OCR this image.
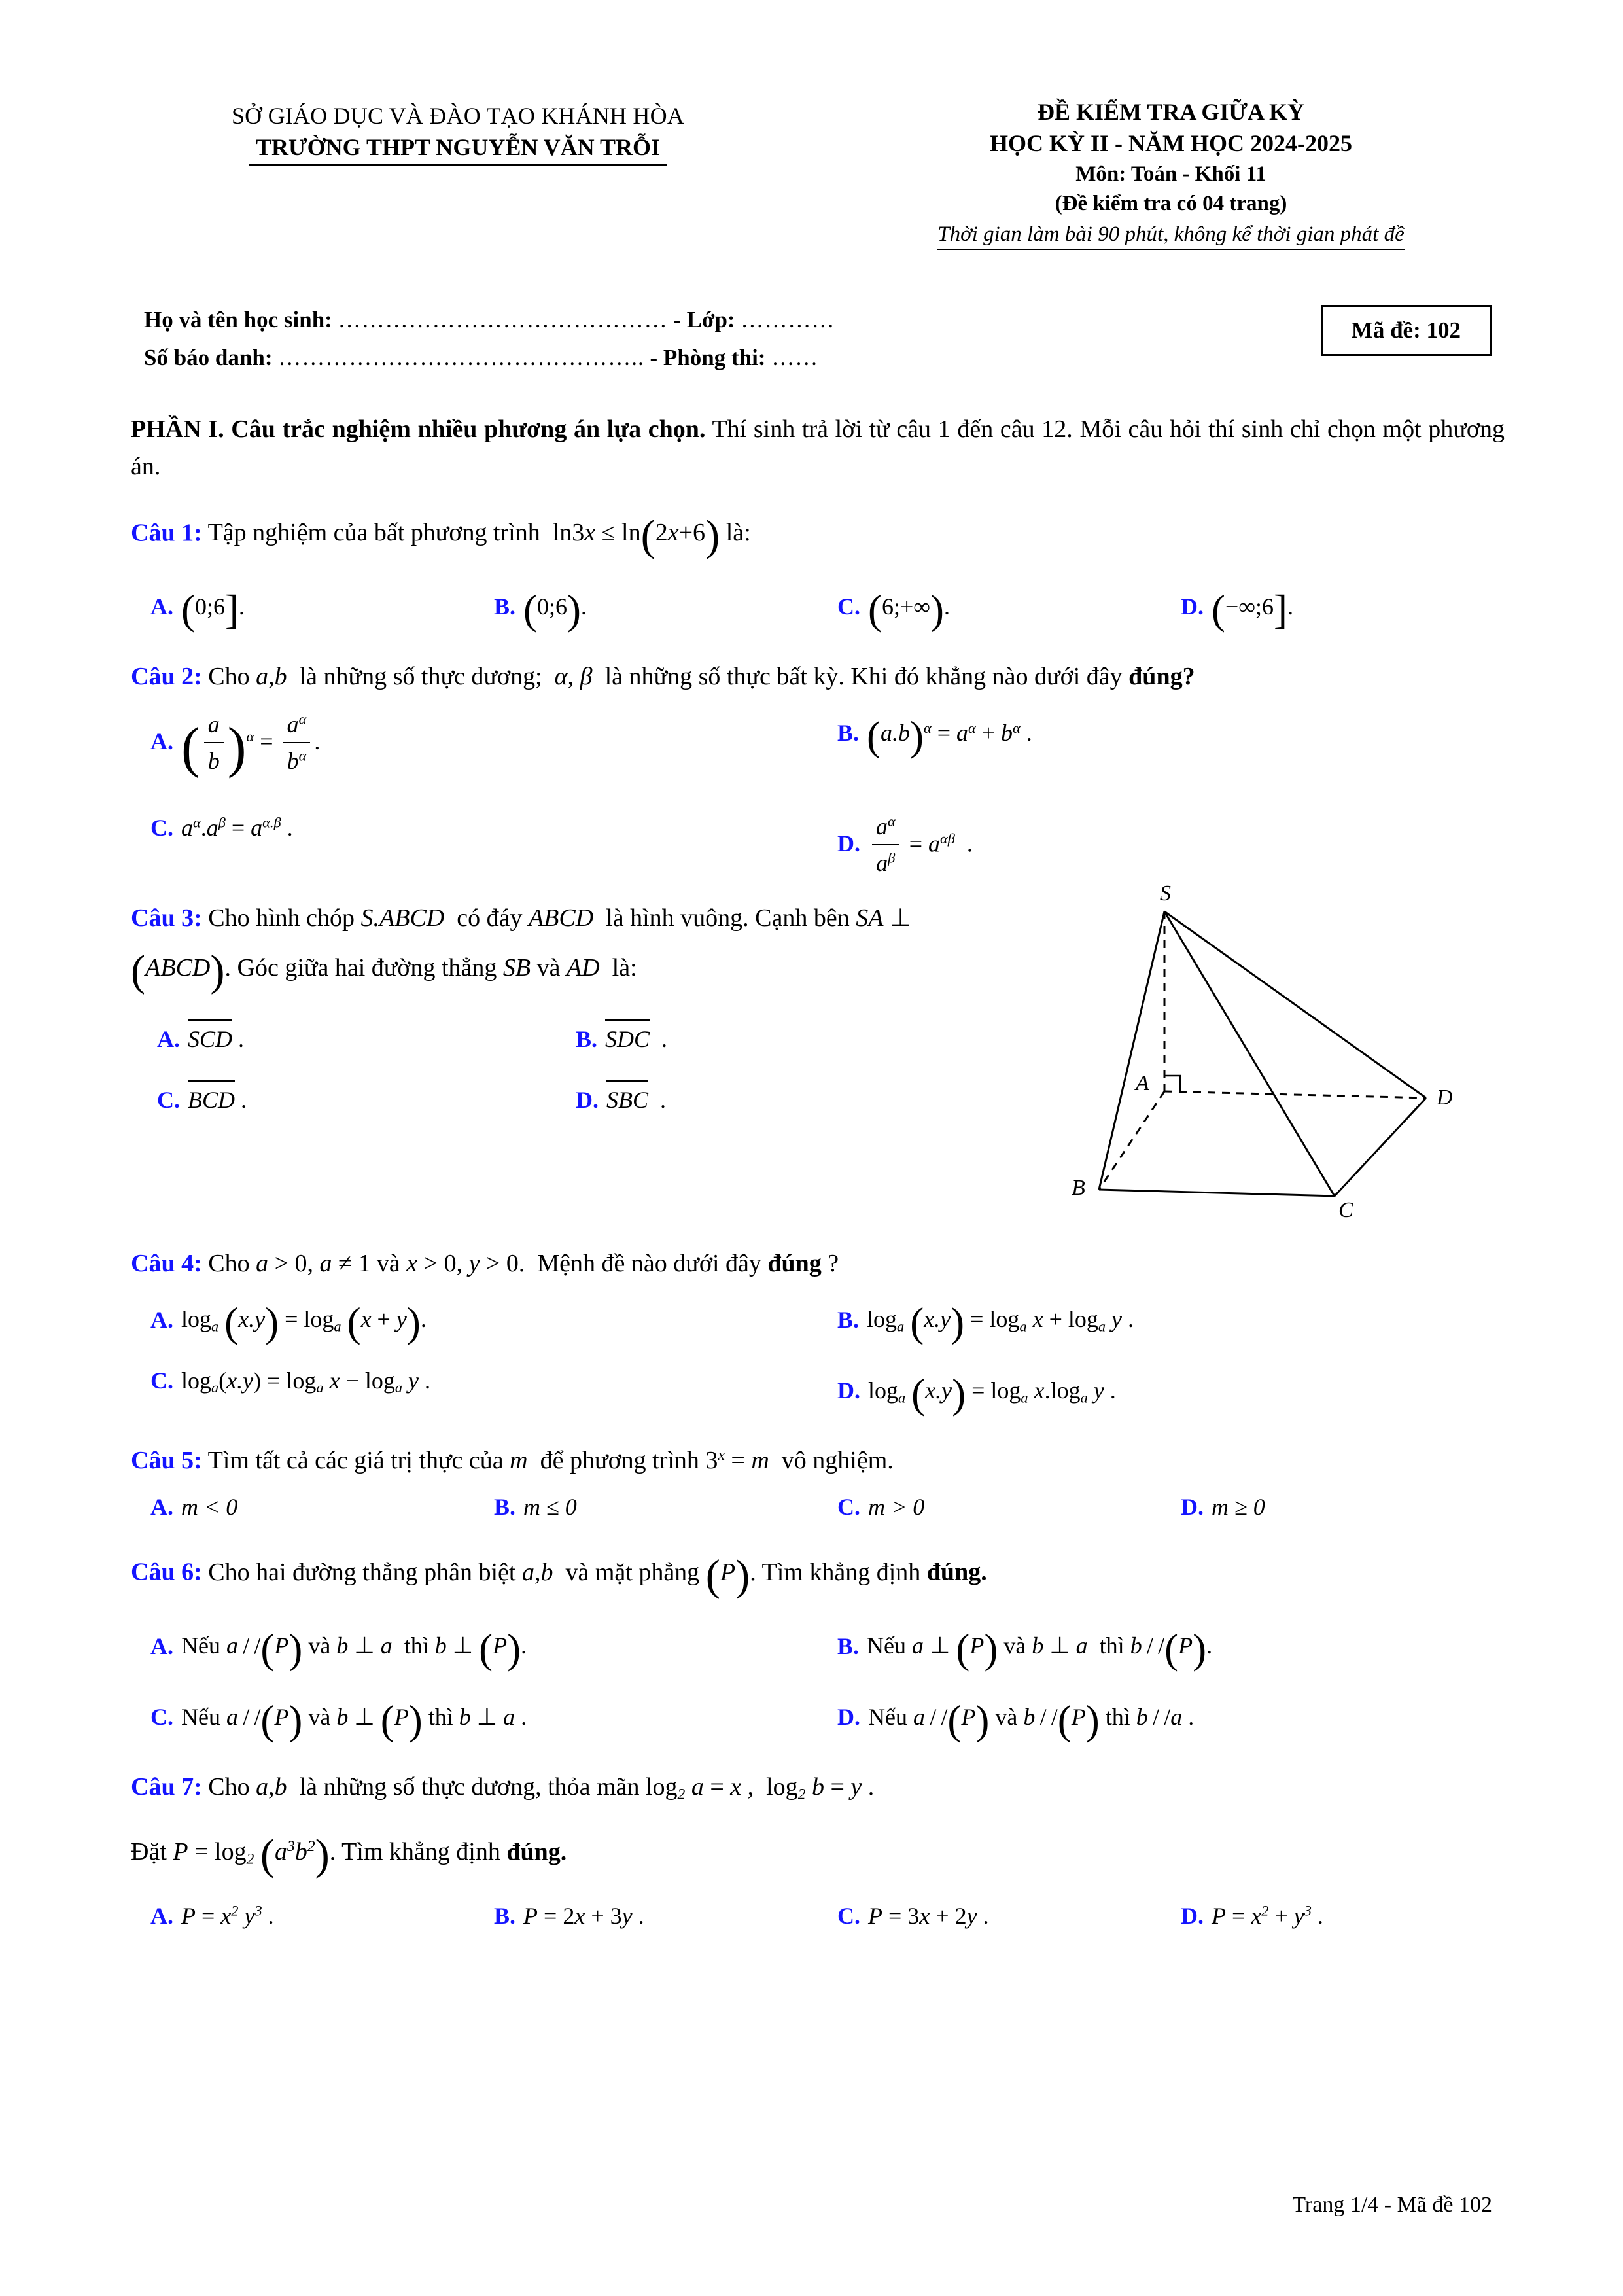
SỞ GIÁO DỤC VÀ ĐÀO TẠO KHÁNH HÒA
TRƯỜNG THPT NGUYỄN VĂN TRỖI
ĐỀ KIỂM TRA GIỮA KỲ
HỌC KỲ II - NĂM HỌC 2024-2025
Môn: Toán - Khối 11
(Đề kiểm tra có 04 trang)
Thời gian làm bài 90 phút, không kể thời gian phát đề
Họ và tên học sinh: …………………………………… - Lớp: …………
Số báo danh: ……………………………………….. - Phòng thi: ……
Mã đề: 102
PHẦN I. Câu trắc nghiệm nhiều phương án lựa chọn. Thí sinh trả lời từ câu 1 đến câu 12. Mỗi câu hỏi thí sinh chỉ chọn một phương án.
Câu 1: Tập nghiệm của bất phương trình  ln3x ≤ ln(2x+6) là:
A. (0;6].	B. (0;6).	C. (6;+∞).	D. (−∞;6].
Câu 2: Cho a,b  là những số thực dương;  α, β  là những số thực bất kỳ. Khi đó khẳng nào dưới đây đúng?
A. ( $\frac{a}{b} )^\alpha = \frac{a^\alpha}{b^\alpha}$ .	B. $(a.b)^\alpha = a^\alpha + b^\alpha$ .
C. $a^\alpha.a^\beta = a^{\alpha.\beta}$ .
D. $\frac{a^\alpha}{a^\beta} = a^{\alpha\beta}$  .
Câu 3: Cho hình chóp S.ABCD  có đáy ABCD  là hình vuông. Cạnh bên SA ⊥ (ABCD). Góc giữa hai đường thẳng SB và AD  là:
A. SCD .	B. SDC  .
C. BCD .	D. SBC  .
S
A
B
C
D
Câu 4: Cho a > 0, a ≠ 1 và x > 0, y > 0.  Mệnh đề nào dưới đây đúng ?
A. $\log_a (x.y) = \log_a (x + y)$.	B. $\log_a (x.y) = \log_a x + \log_a y$ .
C. $\log_a(x.y) = \log_a x - \log_a y$ .	D. $\log_a (x.y) = \log_a x.\log_a$ y .
Câu 5: Tìm tất cả các giá trị thực của m  để phương trình $3^x = m$  vô nghiệm.
A. m < 0	B. m ≤ 0	C. m > 0	D. m ≥ 0
Câu 6: Cho hai đường thẳng phân biệt a,b  và mặt phẳng (P). Tìm khẳng định đúng.
A. Nếu a / /(P) và b ⊥ a  thì b ⊥ (P).	B. Nếu a ⊥ (P) và b ⊥ a  thì b / /(P).
C. Nếu a / /(P) và b ⊥ (P) thì b ⊥ a .	D. Nếu a / /(P) và b / /(P) thì b / /a .
Câu 7: Cho a,b  là những số thực dương, thỏa mãn $\log_2 a = x$ ,  $\log_2 b = y$ .
Đặt $P = \log_2 (a^3b^2)$. Tìm khẳng định đúng.
A. $P = x^2$ $y^3$ .	B. P = 2x + 3y .	C. P = 3x + 2y .	D. $P = x^2 + y^3$ .
Trang 1/4 - Mã đề 102
